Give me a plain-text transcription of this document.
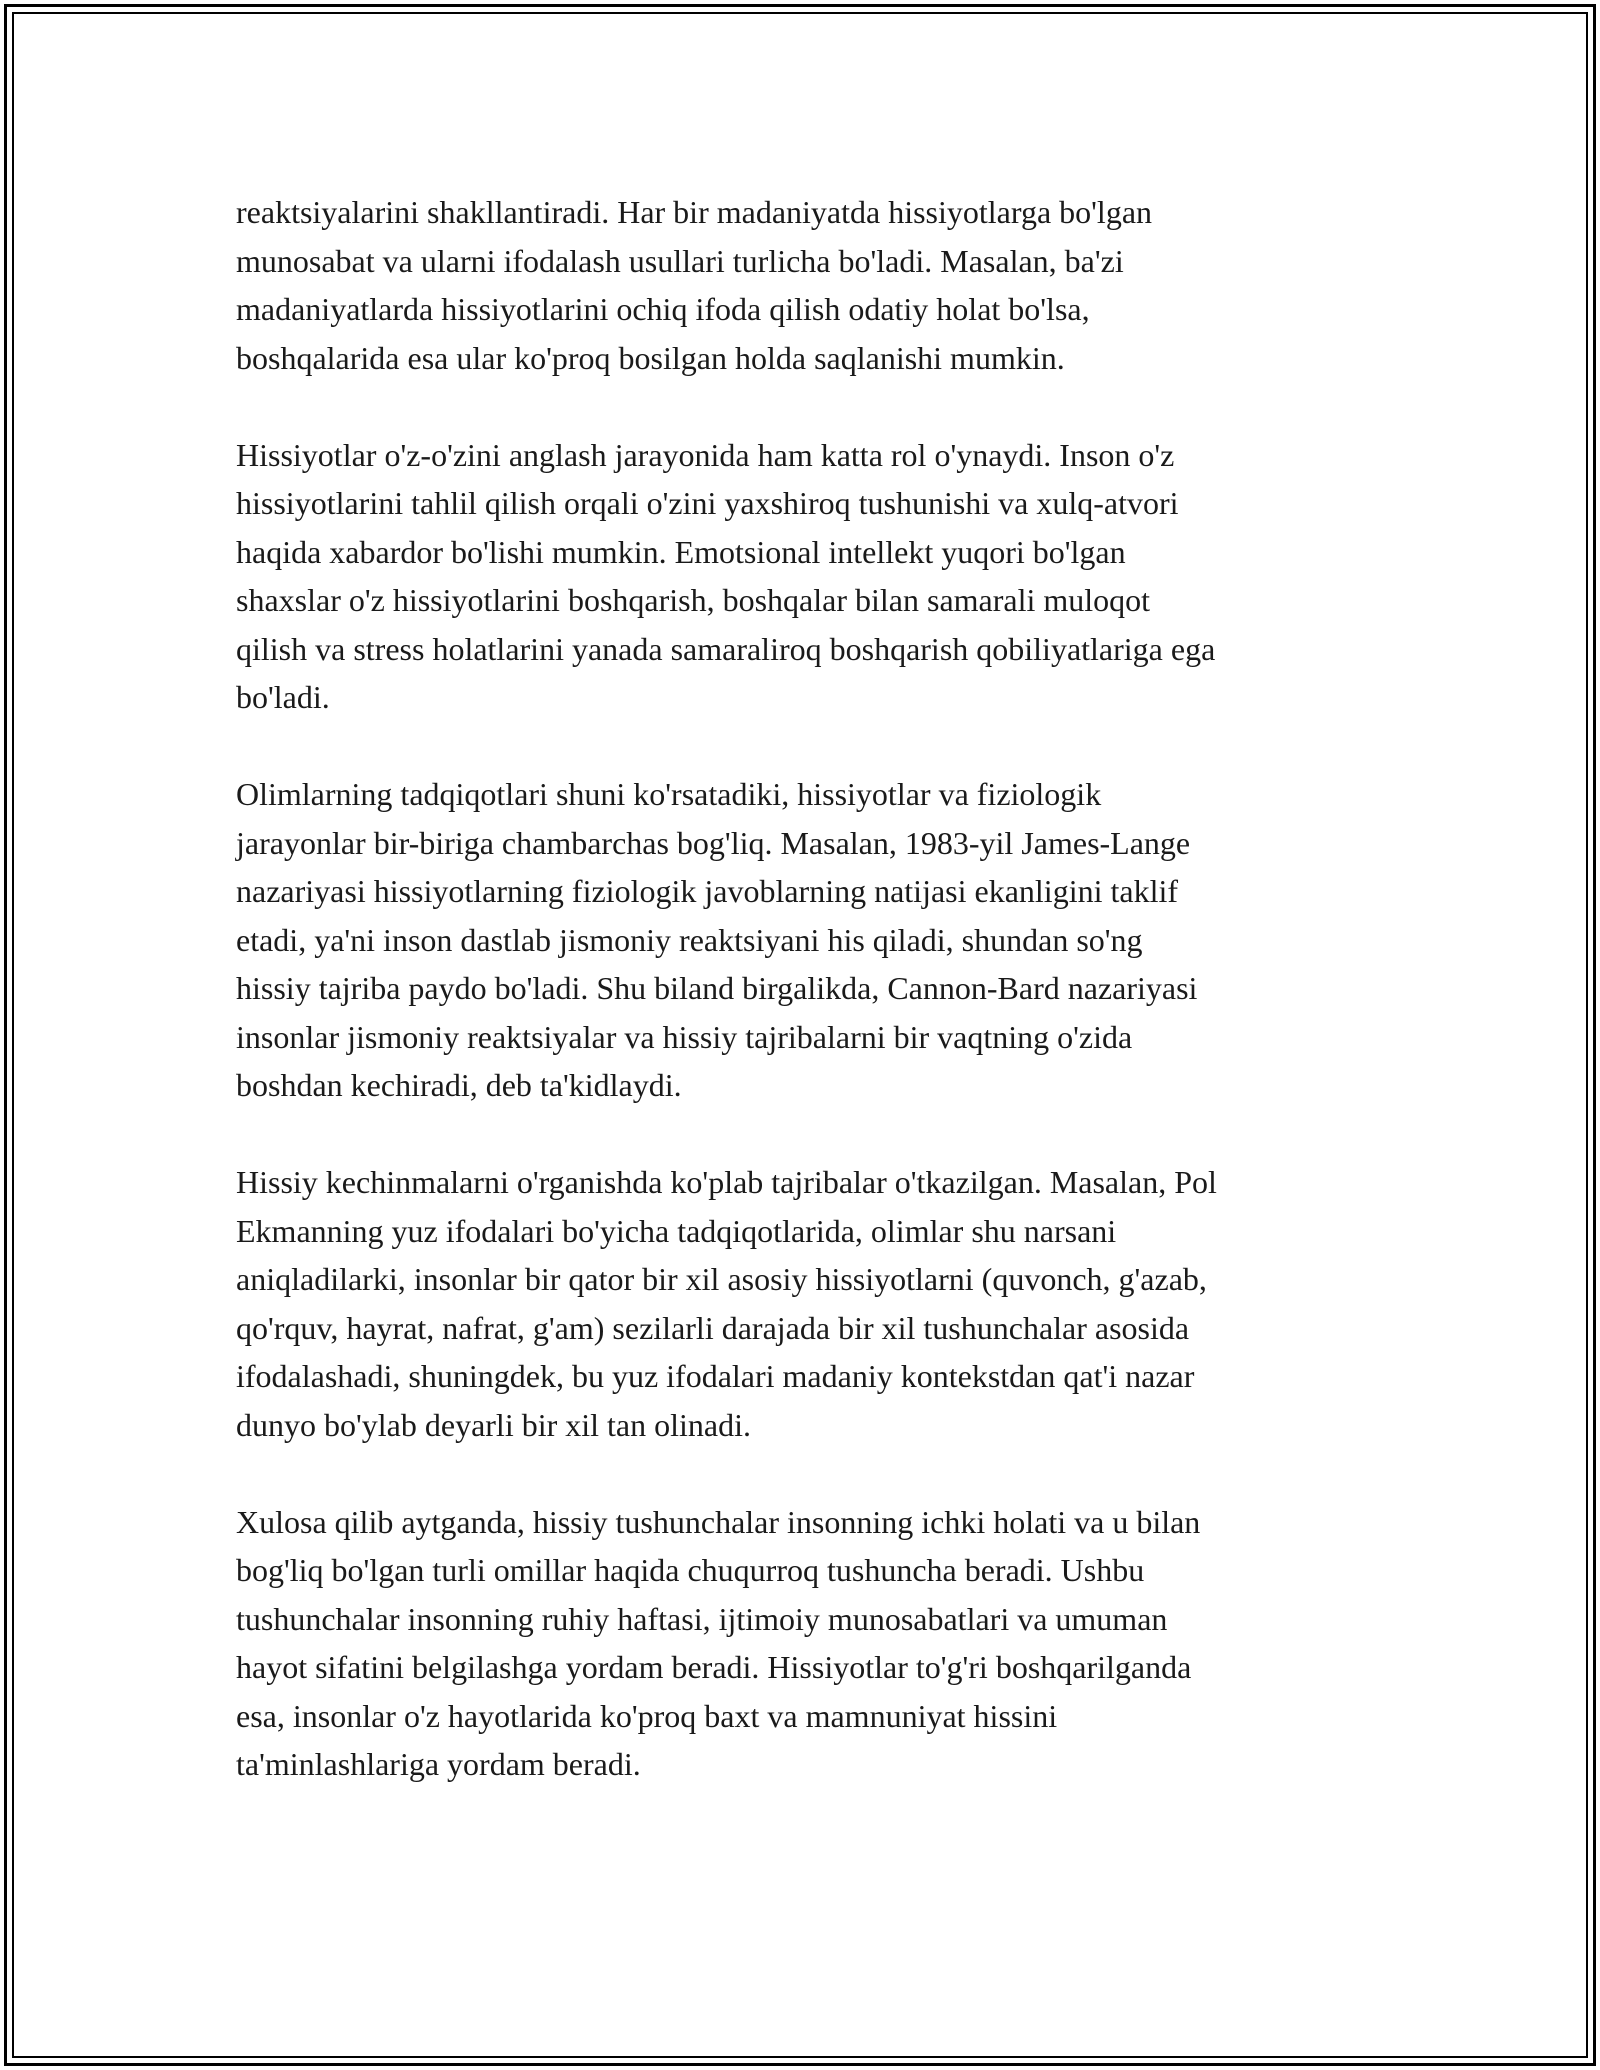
reaktsiyalarini shakllantiradi. Har bir madaniyatda hissiyotlarga bo'lgan
munosabat va ularni ifodalash usullari turlicha bo'ladi. Masalan, ba'zi
madaniyatlarda hissiyotlarini ochiq ifoda qilish odatiy holat bo'lsa,
boshqalarida esa ular ko'proq bosilgan holda saqlanishi mumkin.

Hissiyotlar o'z-o'zini anglash jarayonida ham katta rol o'ynaydi. Inson o'z
hissiyotlarini tahlil qilish orqali o'zini yaxshiroq tushunishi va xulq-atvori
haqida xabardor bo'lishi mumkin. Emotsional intellekt yuqori bo'lgan
shaxslar o'z hissiyotlarini boshqarish, boshqalar bilan samarali muloqot
qilish va stress holatlarini yanada samaraliroq boshqarish qobiliyatlariga ega
bo'ladi.

Olimlarning tadqiqotlari shuni ko'rsatadiki, hissiyotlar va fiziologik
jarayonlar bir-biriga chambarchas bog'liq. Masalan, 1983-yil James-Lange
nazariyasi hissiyotlarning fiziologik javoblarning natijasi ekanligini taklif
etadi, ya'ni inson dastlab jismoniy reaktsiyani his qiladi, shundan so'ng
hissiy tajriba paydo bo'ladi. Shu biland birgalikda, Cannon-Bard nazariyasi
insonlar jismoniy reaktsiyalar va hissiy tajribalarni bir vaqtning o'zida
boshdan kechiradi, deb ta'kidlaydi.

Hissiy kechinmalarni o'rganishda ko'plab tajribalar o'tkazilgan. Masalan, Pol
Ekmanning yuz ifodalari bo'yicha tadqiqotlarida, olimlar shu narsani
aniqladilarki, insonlar bir qator bir xil asosiy hissiyotlarni (quvonch, g'azab,
qo'rquv, hayrat, nafrat, g'am) sezilarli darajada bir xil tushunchalar asosida
ifodalashadi, shuningdek, bu yuz ifodalari madaniy kontekstdan qat'i nazar
dunyo bo'ylab deyarli bir xil tan olinadi.

Xulosa qilib aytganda, hissiy tushunchalar insonning ichki holati va u bilan
bog'liq bo'lgan turli omillar haqida chuqurroq tushuncha beradi. Ushbu
tushunchalar insonning ruhiy haftasi, ijtimoiy munosabatlari va umuman
hayot sifatini belgilashga yordam beradi. Hissiyotlar to'g'ri boshqarilganda
esa, insonlar o'z hayotlarida ko'proq baxt va mamnuniyat hissini
ta'minlashlariga yordam beradi.
